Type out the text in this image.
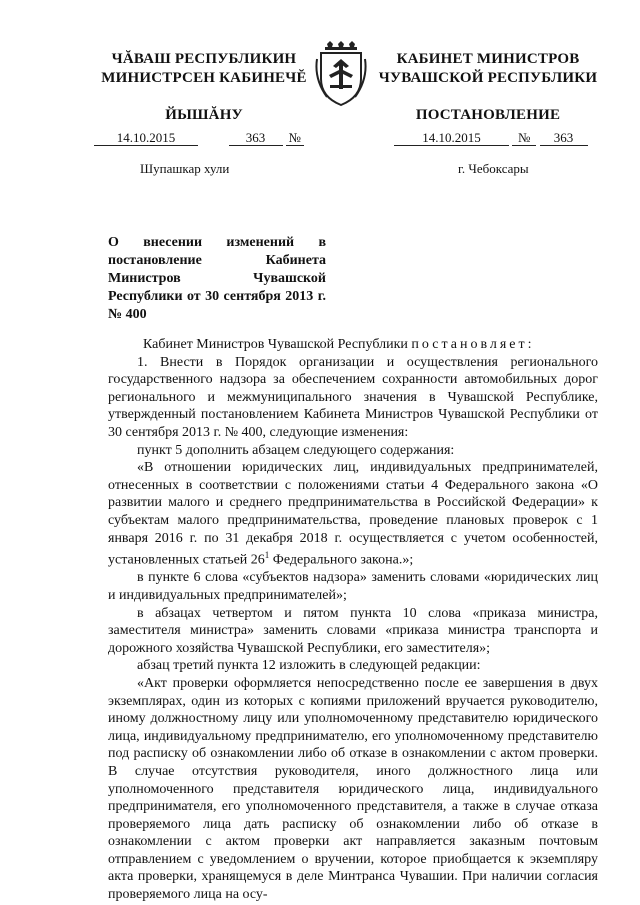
ЧĂВАШ РЕСПУБЛИКИН
МИНИСТРСЕН КАБИНЕЧĔ
ЙЫШĂНУ
КАБИНЕТ МИНИСТРОВ
ЧУВАШСКОЙ РЕСПУБЛИКИ
ПОСТАНОВЛЕНИЕ
14.10.2015	363 №	14.10.2015	№ 363
Шупашкар хули	г. Чебоксары
О внесении изменений в постановление Кабинета Министров Чувашской Республики от 30 сентября 2013 г. № 400

Кабинет Министров Чувашской Республики постановляет:

1. Внести в Порядок организации и осуществления регионального государственного надзора за обеспечением сохранности автомобильных дорог регионального и межмуниципального значения в Чувашской Республике, утвержденный постановлением Кабинета Министров Чувашской Республики от 30 сентября 2013 г. № 400, следующие изменения:

пункт 5 дополнить абзацем следующего содержания:

«В отношении юридических лиц, индивидуальных предпринимателей, отнесенных в соответствии с положениями статьи 4 Федерального закона «О развитии малого и среднего предпринимательства в Российской Федерации» к субъектам малого предпринимательства, проведение плановых проверок с 1 января 2016 г. по 31 декабря 2018 г. осуществляется с учетом особенностей, установленных статьей $26^1$ Федерального закона.»;

в пункте 6 слова «субъектов надзора» заменить словами «юридических лиц и индивидуальных предпринимателей»;

в абзацах четвертом и пятом пункта 10 слова «приказа министра, заместителя министра» заменить словами «приказа министра транспорта и дорожного хозяйства Чувашской Республики, его заместителя»;

абзац третий пункта 12 изложить в следующей редакции:

«Акт проверки оформляется непосредственно после ее завершения в двух экземплярах, один из которых с копиями приложений вручается руководителю, иному должностному лицу или уполномоченному представителю юридического лица, индивидуальному предпринимателю, его уполномоченному представителю под расписку об ознакомлении либо об отказе в ознакомлении с актом проверки. В случае отсутствия руководителя, иного должностного лица или уполномоченного представителя юридического лица, индивидуального предпринимателя, его уполномоченного представителя, а также в случае отказа проверяемого лица дать расписку об ознакомлении либо об отказе в ознакомлении с актом проверки акт направляется заказным почтовым отправлением с уведомлением о вручении, которое приобщается к экземпляру акта проверки, хранящемуся в деле Минтранса Чувашии. При наличии согласия проверяемого лица на осу-
